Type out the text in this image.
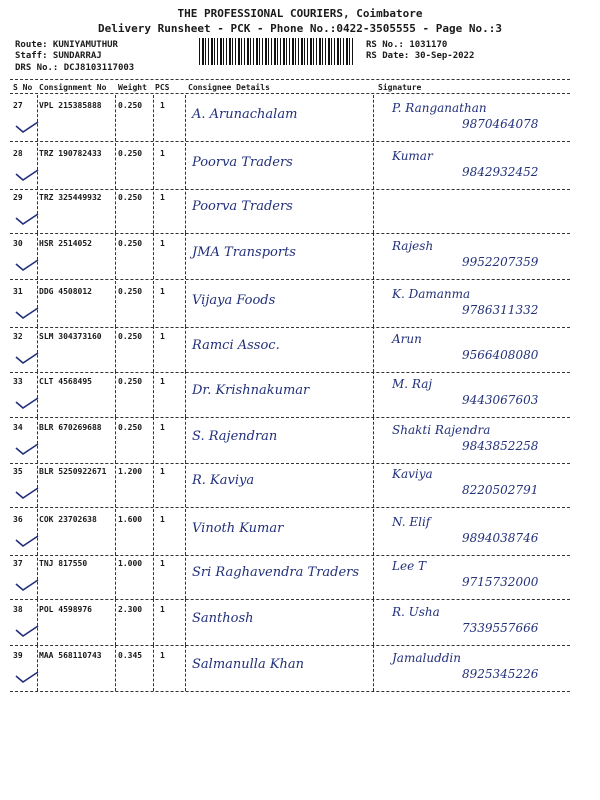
THE PROFESSIONAL COURIERS, Coimbatore
Delivery Runsheet - PCK - Phone No.:0422-3505555 - Page No.:3
Route: KUNIYAMUTHUR
Staff: SUNDARRAJ
DRS No.: DCJ8103117003
RS No.: 1031170
RS Date: 30-Sep-2022
S No Consignment No Weight PCS Consignee Details	Signature
27 VPL 215385888 0.250 1
A. Arunachalam	P. Ranganathan
9870464078
28 TRZ 190782433 0.250 1
Poorva Traders	Kumar
9842932452
29 TRZ 325449932 0.250 1
Poorva Traders
30 HSR 2514052	0.250 1
JMA Transports	Rajesh
9952207359
31 DDG 4508012	0.250 1
Vijaya Foods	K. Damanma
9786311332
32 SLM 304373160 0.250 1
Ramci Assoc.	Arun
9566408080
33 CLT 4568495	0.250 1
Dr. Krishnakumar	M. Raj
9443067603
34 BLR 670269688 0.250 1
S. Rajendran	Shakti Rajendra
9843852258
35 BLR 5250922671 1.200 1
R. Kaviya	Kaviya
8220502791
36 COK 23702638	1.600 1
Vinoth Kumar	N. Elif
9894038746
37 TNJ 817550	1.000 1
Sri Raghavendra Traders	Lee T
9715732000
38 POL 4598976	2.300 1
Santhosh	R. Usha
7339557666
39 MAA 568110743 0.345 1
Salmanulla Khan	Jamaluddin
8925345226
